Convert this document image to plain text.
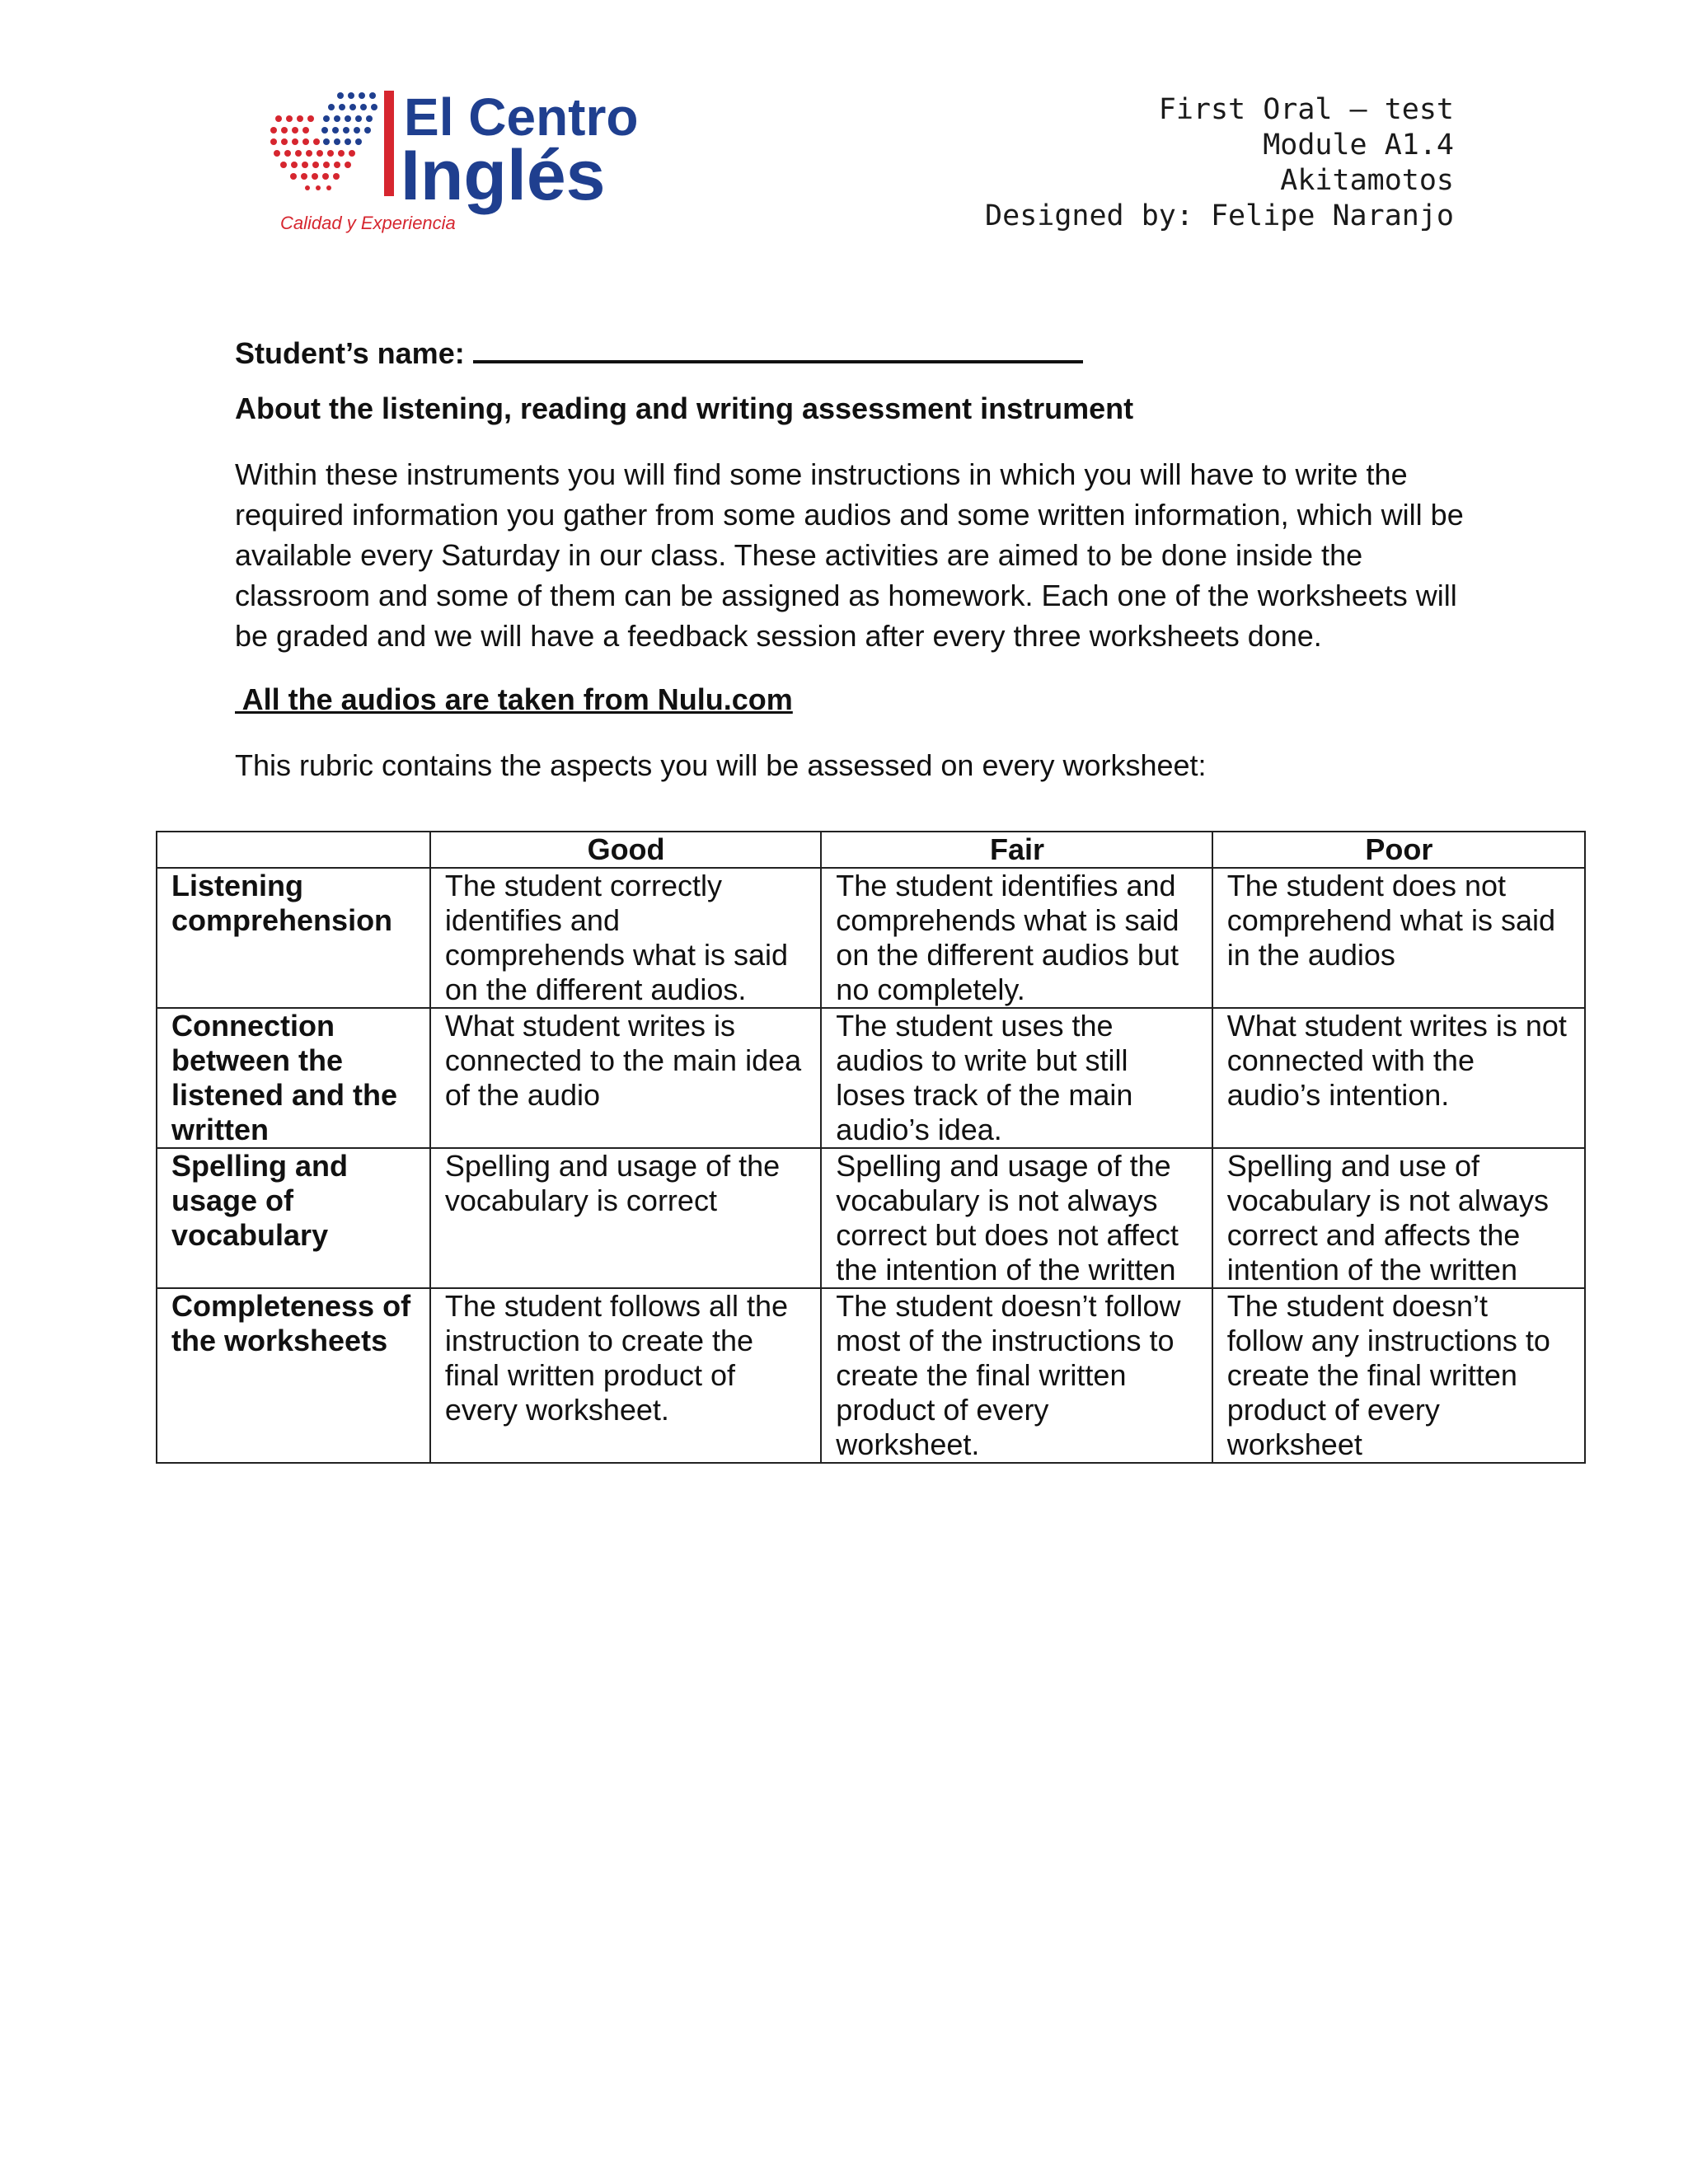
El Centro
Inglés
Calidad y Experiencia
First Oral – test
Module A1.4
Akitamotos
Designed by: Felipe Naranjo
Student’s name:
About the listening, reading and writing assessment instrument
Within these instruments you will find some instructions in which you will have to write the required information you gather from some audios and some written information, which will be available every Saturday in our class. These activities are aimed to be done inside the classroom and some of them can be assigned as homework. Each one of the worksheets will be graded and we will have a feedback session after every three worksheets done.
All the audios are taken from Nulu.com
This rubric contains the aspects you will be assessed on every worksheet:
	Good	Fair	Poor
Listening comprehension	The student correctly identifies and comprehends what is said on the different audios.	The student identifies and comprehends what is said on the different audios but no completely.	The student does not comprehend what is said in the audios
Connection between the listened and the written	What student writes is connected to the main idea of the audio	The student uses the audios to write but still loses track of the main audio’s idea.	What student writes is not connected with the audio’s intention.
Spelling and usage of vocabulary	Spelling and usage of the vocabulary is correct	Spelling and usage of the vocabulary is not always correct but does not affect the intention of the written	Spelling and use of vocabulary is not always correct and affects the intention of the written
Completeness of the worksheets	The student follows all the instruction to create the final written product of every worksheet.	The student doesn’t follow most of the instructions to create the final written product of every worksheet.	The student doesn’t follow any instructions to create the final written product of every worksheet
